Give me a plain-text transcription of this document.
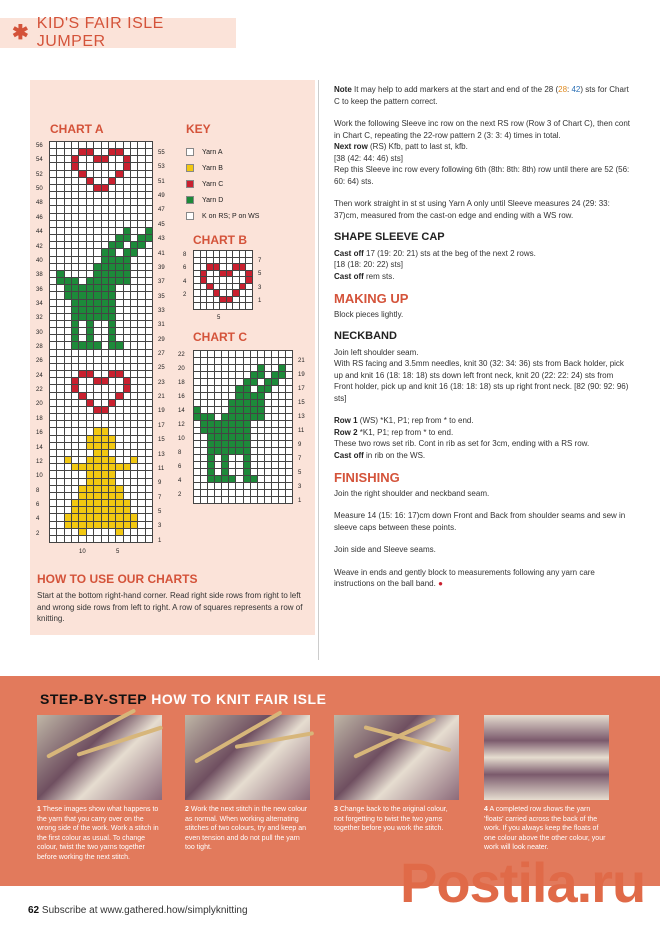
✱ KID'S FAIR ISLE JUMPER
CHART A
CHART B
CHART C
56
54
52
50
48
46
44
42
40
38
36
34
32
30
28
26
24
22
20
18
16
14
12
10
8
6
4
2
55
53
51
49
47
45
43
41
39
37
35
33
31
29
27
25
23
21
19
17
15
13
11
9
7
5
3
1
8
6
4
2
7
5
3
1
22
20
18
16
14
12
10
8
6
4
2
21
19
17
15
13
11
9
7
5
3
1
10	5
5
KEY
Yarn A
Yarn B
Yarn C
Yarn D
K on RS; P on WS
HOW TO USE OUR CHARTS

Start at the bottom right-hand corner. Read right side rows from right to left and wrong side rows from left to right. A row of squares represents a row of knitting.

Note It may help to add markers at the start and end of the 28 (28: 42) sts for Chart C to keep the pattern correct.

Work the following Sleeve inc row on the next RS row (Row 3 of Chart C), then cont in Chart C, repeating the 22-row pattern 2 (3: 3: 4) times in total.
Next row (RS) Kfb, patt to last st, kfb.
[38 (42: 44: 46) sts]
Rep this Sleeve inc row every following 6th (8th: 8th: 8th) row until there are 52 (56: 60: 64) sts.

Then work straight in st st using Yarn A only until Sleeve measures 24 (29: 33: 37)cm, measured from the cast-on edge and ending with a WS row.

SHAPE SLEEVE CAP

Cast off 17 (19: 20: 21) sts at the beg of the next 2 rows.
[18 (18: 20: 22) sts]
Cast off rem sts.

MAKING UP

Block pieces lightly.

NECKBAND

Join left shoulder seam.
With RS facing and 3.5mm needles, knit 30 (32: 34: 36) sts from Back holder, pick up and knit 16 (18: 18: 18) sts down left front neck, knit 20 (22: 22: 24) sts from Front holder, pick up and knit 16 (18: 18: 18) sts up right front neck. [82 (90: 92: 96) sts]

Row 1 (WS) *K1, P1; rep from * to end.
Row 2 *K1, P1; rep from * to end.
These two rows set rib. Cont in rib as set for 3cm, ending with a RS row.
Cast off in rib on the WS.

FINISHING

Join the right shoulder and neckband seam.

Measure 14 (15: 16: 17)cm down Front and Back from shoulder seams and sew in sleeve caps between these points.

Join side and Sleeve seams.

Weave in ends and gently block to measurements following any yarn care instructions on the ball band. ●

STEP-BY-STEP HOW TO KNIT FAIR ISLE
1 These images show what happens to the yarn that you carry over on the wrong side of the work. Work a stitch in the first colour as usual. To change colour, twist the two yarns together before working the next stitch.
2 Work the next stitch in the new colour as normal. When working alternating stitches of two colours, try and keep an even tension and do not pull the yarn too tight.
3 Change back to the original colour, not forgetting to twist the two yarns together before you work the stitch.
4 A completed row shows the yarn 'floats' carried across the back of the work. If you always keep the floats of one colour above the other colour, your work will look neater.
Postila.ru
62 Subscribe at www.gathered.how/simplyknitting
